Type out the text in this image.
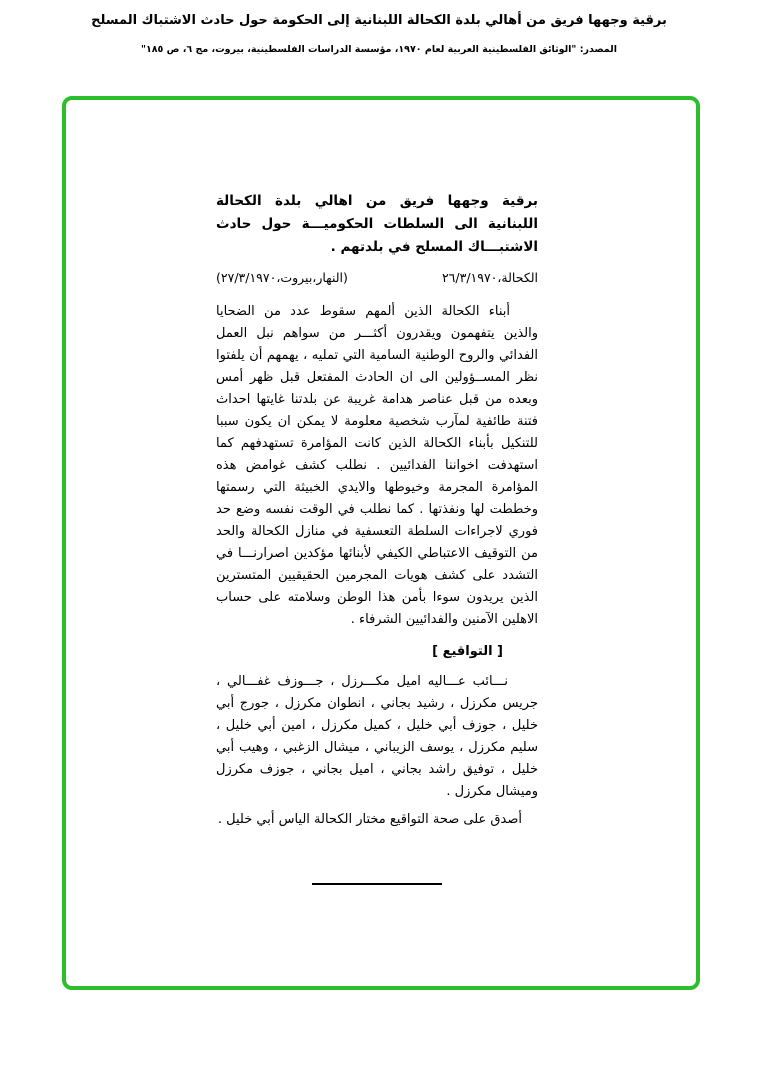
برقية وجهها فريق من أهالي بلدة الكحالة اللبنانية إلى الحكومة حول حادث الاشتباك المسلح
المصدر: "الوثائق الفلسطينية العربية لعام ١٩٧٠، مؤسسة الدراسات الفلسطينية، بيروت، مج ٦، ص ١٨٥"
برقية وجهها فريق من اهالي بلدة الكحالة اللبنانية الى السلطات الحكوميـــة حول حادث الاشتبـــاك المسلح في بلدتهم .
الكحالة،٢٦/٣/١٩٧٠
(النهار،بيروت،٢٧/٣/١٩٧٠)

أبناء الكحالة الذين ألمهم سقوط عدد من الضحايا والذين يتفهمون ويقدرون أكثـــر من سواهم نبل العمل الفدائي والروح الوطنية السامية التي تمليه ، يهمهم أن يلفتوا نظر المســؤولين الى ان الحادث المفتعل قبل ظهر أمس وبعده من قبل عناصر هدامة غريبة عن بلدتنا غايتها احداث فتنة طائفية لمآرب شخصية معلومة لا يمكن ان يكون سببا للتنكيل بأبناء الكحالة الذين كانت المؤامرة تستهدفهم كما استهدفت اخواننا الفدائيين . نطلب كشف غوامض هذه المؤامرة المجرمة وخيوطها والايدي الخبيثة التي رسمتها وخططت لها ونفذتها . كما نطلب في الوقت نفسه وضع حد فوري لاجراءات السلطة التعسفية في منازل الكحالة والحد من التوقيف الاعتباطي الكيفي لأبنائها مؤكدين اصرارنـــا في التشدد على كشف هويات المجرمين الحقيقيين المتسترين الذين يريدون سوءا بأمن هذا الوطن وسلامته على حساب الاهلين الآمنين والفدائيين الشرفاء .

[ التواقيع ]

نـــائب عـــاليه اميل مكـــرزل ، جـــوزف غفـــالي ، جريس مكرزل ، رشيد بجاني ، انطوان مكرزل ، جورج أبي خليل ، جوزف أبي خليل ، كميل مكرزل ، امين أبي خليل ، سليم مكرزل ، يوسف الزيباني ، ميشال الزغبي ، وهيب أبي خليل ، توفيق راشد بجاني ، اميل بجاني ، جوزف مكرزل وميشال مكرزل .

أصدق على صحة التواقيع مختار الكحالة الياس أبي خليل .
